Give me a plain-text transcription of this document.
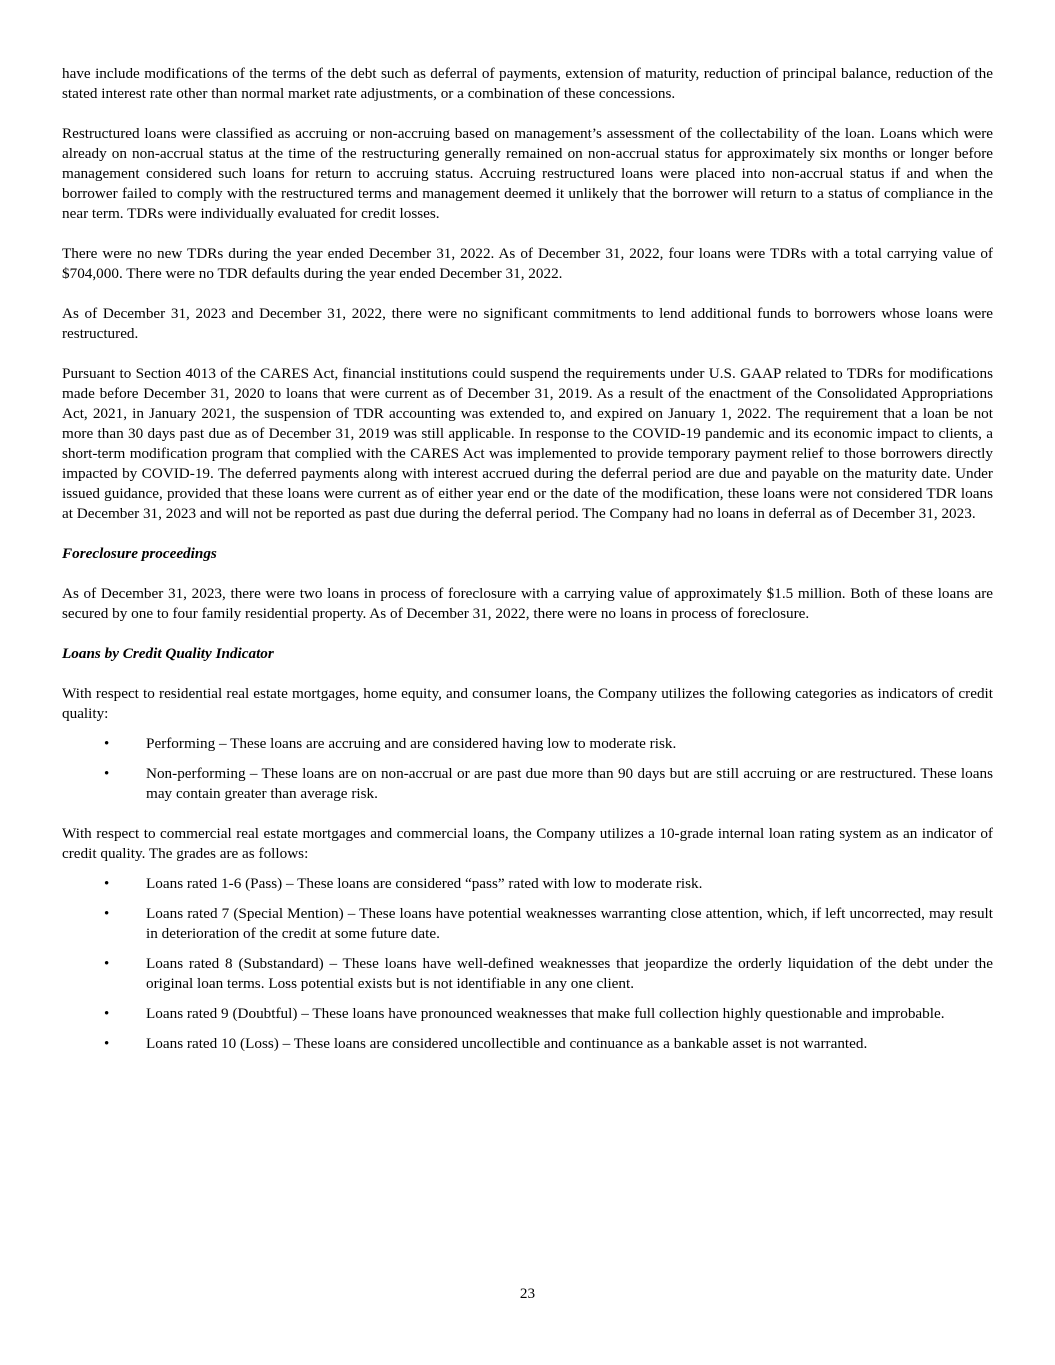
have include modifications of the terms of the debt such as deferral of payments, extension of maturity, reduction of principal balance, reduction of the stated interest rate other than normal market rate adjustments, or a combination of these concessions.

Restructured loans were classified as accruing or non-accruing based on management’s assessment of the collectability of the loan. Loans which were already on non-accrual status at the time of the restructuring generally remained on non-accrual status for approximately six months or longer before management considered such loans for return to accruing status. Accruing restructured loans were placed into non-accrual status if and when the borrower failed to comply with the restructured terms and management deemed it unlikely that the borrower will return to a status of compliance in the near term. TDRs were individually evaluated for credit losses.

There were no new TDRs during the year ended December 31, 2022. As of December 31, 2022, four loans were TDRs with a total carrying value of $704,000. There were no TDR defaults during the year ended December 31, 2022.

As of December 31, 2023 and December 31, 2022, there were no significant commitments to lend additional funds to borrowers whose loans were restructured.

Pursuant to Section 4013 of the CARES Act, financial institutions could suspend the requirements under U.S. GAAP related to TDRs for modifications made before December 31, 2020 to loans that were current as of December 31, 2019. As a result of the enactment of the Consolidated Appropriations Act, 2021, in January 2021, the suspension of TDR accounting was extended to, and expired on January 1, 2022. The requirement that a loan be not more than 30 days past due as of December 31, 2019 was still applicable. In response to the COVID-19 pandemic and its economic impact to clients, a short-term modification program that complied with the CARES Act was implemented to provide temporary payment relief to those borrowers directly impacted by COVID-19. The deferred payments along with interest accrued during the deferral period are due and payable on the maturity date. Under issued guidance, provided that these loans were current as of either year end or the date of the modification, these loans were not considered TDR loans at December 31, 2023 and will not be reported as past due during the deferral period. The Company had no loans in deferral as of December 31, 2023.

Foreclosure proceedings

As of December 31, 2023, there were two loans in process of foreclosure with a carrying value of approximately $1.5 million. Both of these loans are secured by one to four family residential property. As of December 31, 2022, there were no loans in process of foreclosure.

Loans by Credit Quality Indicator

With respect to residential real estate mortgages, home equity, and consumer loans, the Company utilizes the following categories as indicators of credit quality:

• Performing – These loans are accruing and are considered having low to moderate risk.
• Non-performing – These loans are on non-accrual or are past due more than 90 days but are still accruing or are restructured. These loans may contain greater than average risk.

With respect to commercial real estate mortgages and commercial loans, the Company utilizes a 10-grade internal loan rating system as an indicator of credit quality. The grades are as follows:

• Loans rated 1-6 (Pass) – These loans are considered “pass” rated with low to moderate risk.
• Loans rated 7 (Special Mention) – These loans have potential weaknesses warranting close attention, which, if left uncorrected, may result in deterioration of the credit at some future date.
• Loans rated 8 (Substandard) – These loans have well-defined weaknesses that jeopardize the orderly liquidation of the debt under the original loan terms. Loss potential exists but is not identifiable in any one client.
• Loans rated 9 (Doubtful) – These loans have pronounced weaknesses that make full collection highly questionable and improbable.
• Loans rated 10 (Loss) – These loans are considered uncollectible and continuance as a bankable asset is not warranted.
23
